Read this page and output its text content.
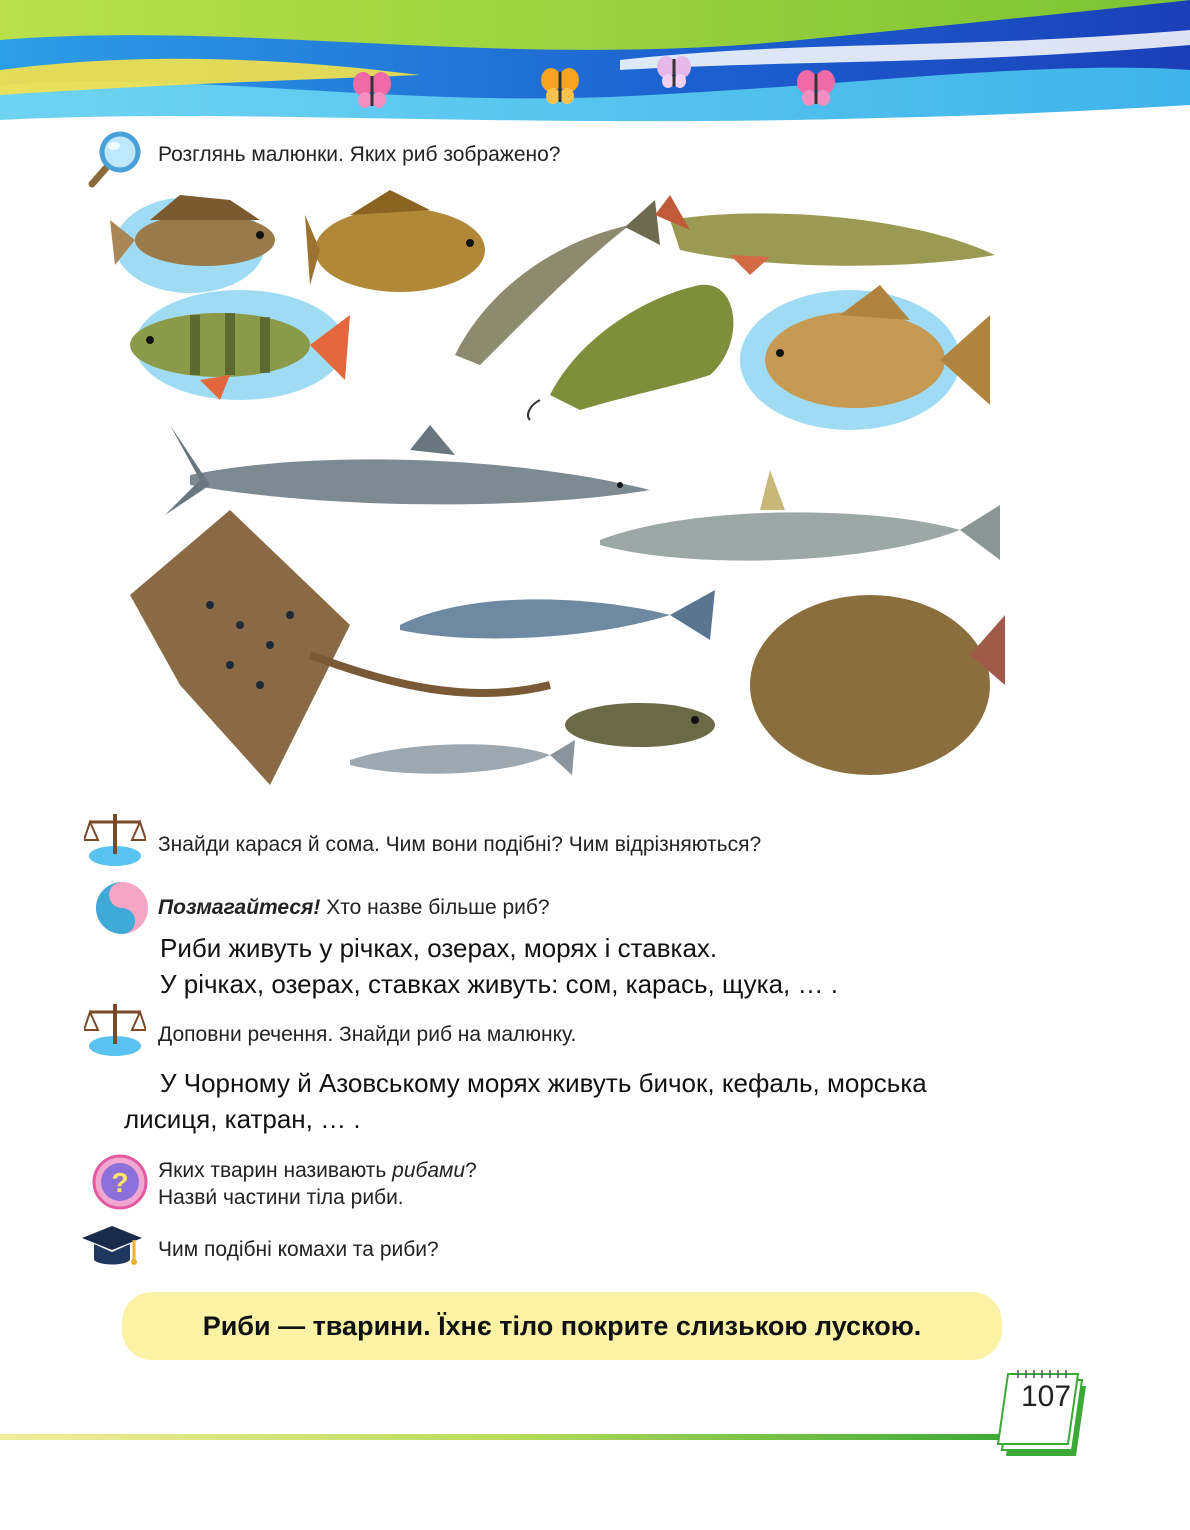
Розглянь малюнки. Яких риб зображено?
Знайди карася й сома. Чим вони подібні? Чим відрізняються?
Позмагайтеся! Хто назве більше риб?
Риби живуть у річках, озерах, морях і ставках.
У річках, озерах, ставках живуть: сом, карась, щука, … .
Доповни речення. Знайди риб на малюнку.
У Чорному й Азовському морях живуть бичок, кефаль, морська
лисиця, катран, … .
? Яких тварин називають рибами?
Назви́ частини тіла риби.
Чим подібні комахи та риби?
Риби — тварини. Їхнє тіло покрите слизькою лускою.
107
